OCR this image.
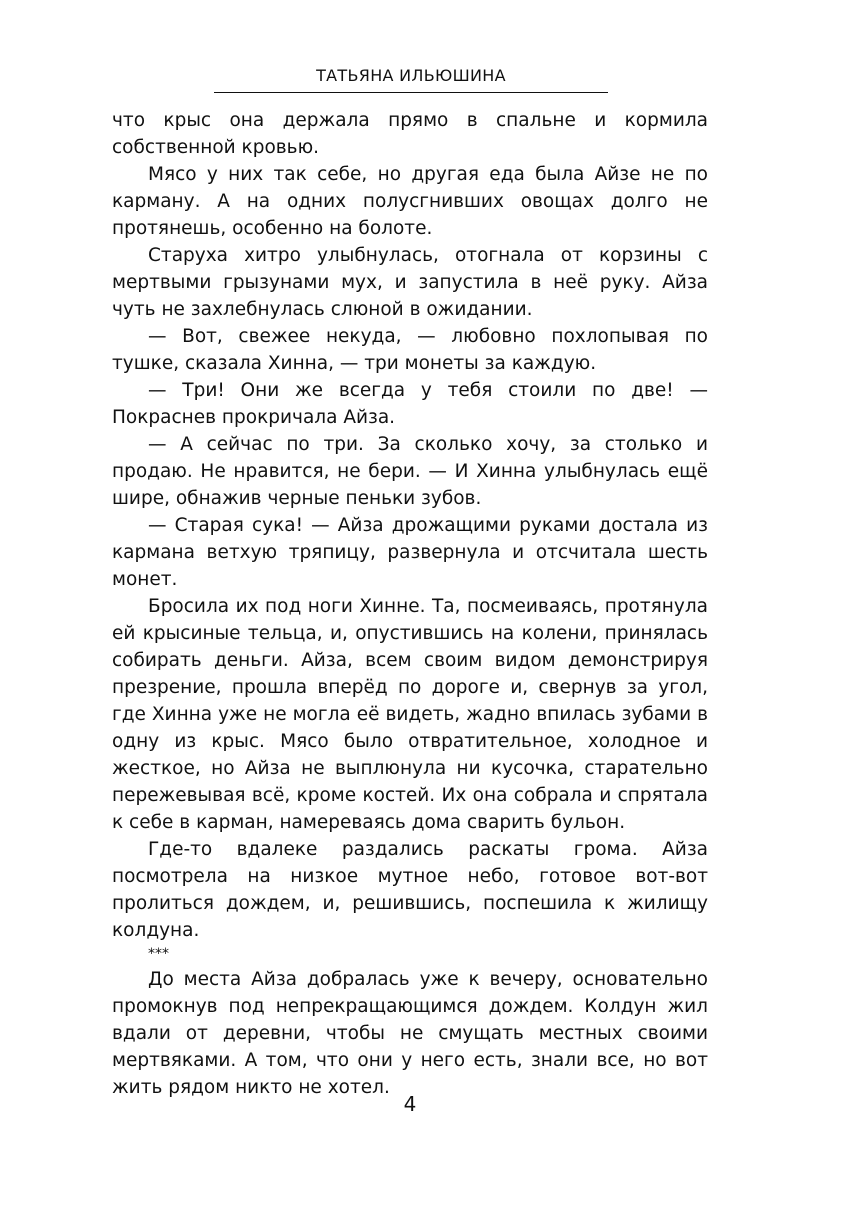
ТАТЬЯНА ИЛЬЮШИНА

что крыс она держала прямо в спальне и кормила собственной кровью.

Мясо у них так себе, но другая еда была Айзе не по карману. А на одних полусгнивших овощах долго не протянешь, особенно на болоте.

Старуха хитро улыбнулась, отогнала от корзины с мертвыми грызунами мух, и запустила в неё руку. Айза чуть не захлебнулась слюной в ожидании.

— Вот, свежее некуда, — любовно похлопывая по тушке, сказала Хинна, — три монеты за каждую.

— Три! Они же всегда у тебя стоили по две! — Покраснев прокричала Айза.

— А сейчас по три. За сколько хочу, за столько и продаю. Не нравится, не бери. — И Хинна улыбнулась ещё шире, обнажив черные пеньки зубов.

— Старая сука! — Айза дрожащими руками достала из кармана ветхую тряпицу, развернула и отсчитала шесть монет.

Бросила их под ноги Хинне. Та, посмеиваясь, протянула ей крысиные тельца, и, опустившись на колени, принялась собирать деньги. Айза, всем своим видом демонстрируя презрение, прошла вперёд по дороге и, свернув за угол, где Хинна уже не могла её видеть, жадно впилась зубами в одну из крыс. Мясо было отвратительное, холодное и жесткое, но Айза не выплюнула ни кусочка, старательно пережевывая всё, кроме костей. Их она собрала и спрятала к себе в карман, намереваясь дома сварить бульон.

Где-то вдалеке раздались раскаты грома. Айза посмотрела на низкое мутное небо, готовое вот-вот пролиться дождем, и, решившись, поспешила к жилищу колдуна.

***

До места Айза добралась уже к вечеру, основательно промокнув под непрекращающимся дождем. Колдун жил вдали от деревни, чтобы не смущать местных своими мертвяками. А том, что они у него есть, знали все, но вот жить рядом никто не хотел.

4
